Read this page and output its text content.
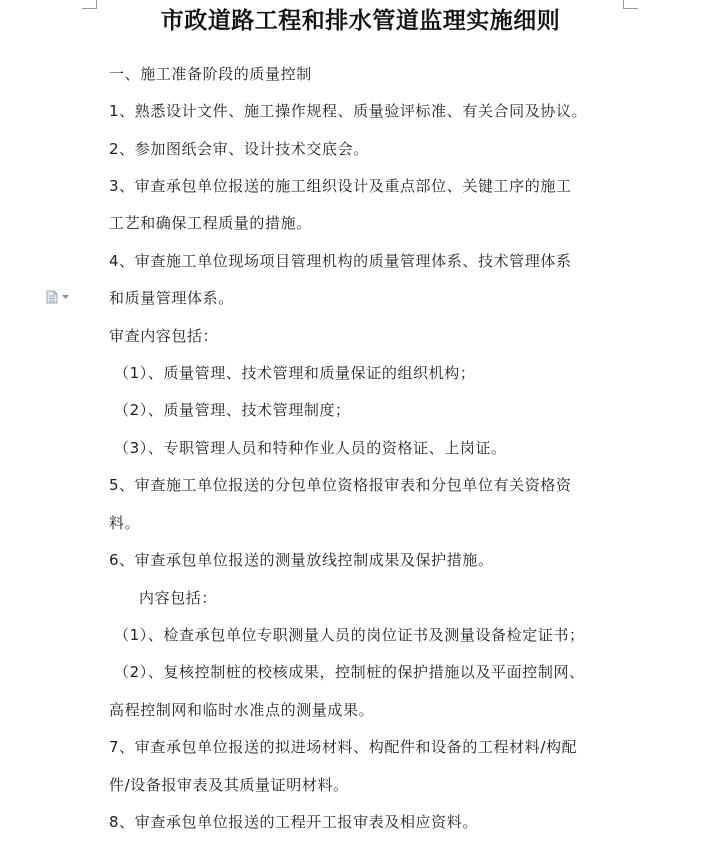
市政道路工程和排水管道监理实施细则
一、施工准备阶段的质量控制
1、熟悉设计文件、施工操作规程、质量验评标准、有关合同及协议。
2、参加图纸会审、设计技术交底会。
3、审查承包单位报送的施工组织设计及重点部位、关键工序的施工
工艺和确保工程质量的措施。
4、审查施工单位现场项目管理机构的质量管理体系、技术管理体系
和质量管理体系。
审查内容包括：
（1）、质量管理、技术管理和质量保证的组织机构；
（2）、质量管理、技术管理制度；
（3）、专职管理人员和特种作业人员的资格证、上岗证。
5、审查施工单位报送的分包单位资格报审表和分包单位有关资格资
料。
6、审查承包单位报送的测量放线控制成果及保护措施。
内容包括：
（1）、检查承包单位专职测量人员的岗位证书及测量设备检定证书；
（2）、复核控制桩的校核成果，控制桩的保护措施以及平面控制网、
高程控制网和临时水准点的测量成果。
7、审查承包单位报送的拟进场材料、构配件和设备的工程材料/构配
件/设备报审表及其质量证明材料。
8、审查承包单位报送的工程开工报审表及相应资料。
